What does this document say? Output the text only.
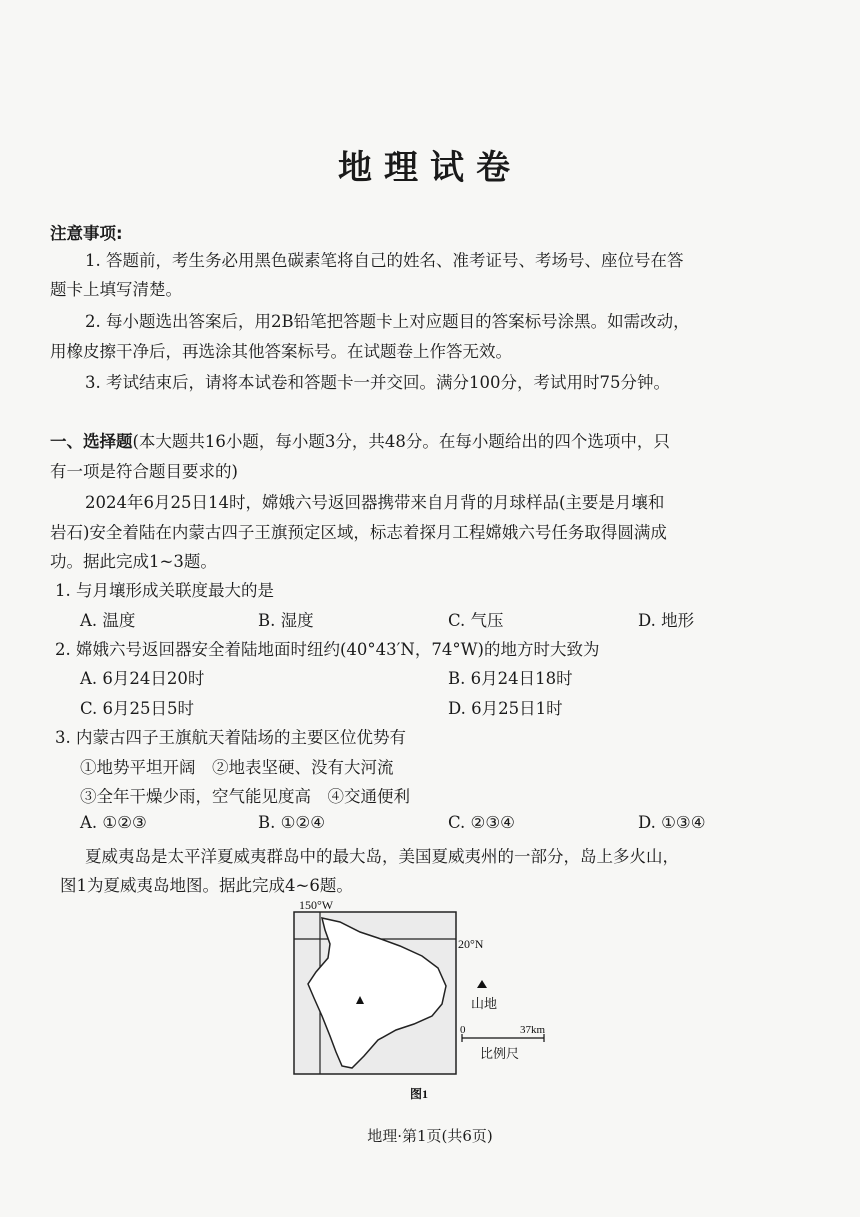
地理试卷
注意事项:
1. 答题前，考生务必用黑色碳素笔将自己的姓名、准考证号、考场号、座位号在答
题卡上填写清楚。
2. 每小题选出答案后，用2B铅笔把答题卡上对应题目的答案标号涂黑。如需改动，
用橡皮擦干净后，再选涂其他答案标号。在试题卷上作答无效。
3. 考试结束后，请将本试卷和答题卡一并交回。满分100分，考试用时75分钟。
一、选择题(本大题共16小题，每小题3分，共48分。在每小题给出的四个选项中，只
有一项是符合题目要求的)
2024年6月25日14时，嫦娥六号返回器携带来自月背的月球样品(主要是月壤和
岩石)安全着陆在内蒙古四子王旗预定区域，标志着探月工程嫦娥六号任务取得圆满成
功。据此完成1~3题。
1. 与月壤形成关联度最大的是
A. 温度	B. 湿度	C. 气压	D. 地形
2. 嫦娥六号返回器安全着陆地面时纽约(40°43′N，74°W)的地方时大致为
A. 6月24日20时	B. 6月24日18时
C. 6月25日5时	D. 6月25日1时
3. 内蒙古四子王旗航天着陆场的主要区位优势有
①地势平坦开阔　②地表坚硬、没有大河流
③全年干燥少雨，空气能见度高　④交通便利
A. ①②③	B. ①②④	C. ②③④	D. ①③④
夏威夷岛是太平洋夏威夷群岛中的最大岛，美国夏威夷州的一部分，岛上多火山，
图1为夏威夷岛地图。据此完成4~6题。
150°W
20°N
山地
0	37km
比例尺
图1
地理·第1页(共6页)
